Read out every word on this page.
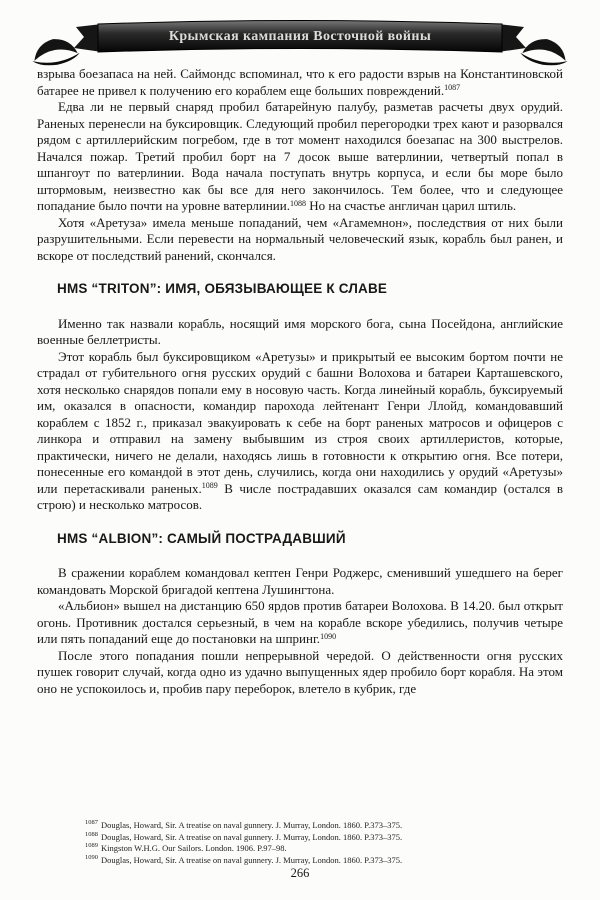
Крымская кампания Восточной войны

взрыва боезапаса на ней. Саймондс вспоминал, что к его радости взрыв на Константиновской батарее не привел к получению его кораблем еще больших повреждений.$^{1087}$

Едва ли не первый снаряд пробил батарейную палубу, разметав расчеты двух орудий. Раненых перенесли на буксировщик. Следующий пробил перегородки трех кают и разорвался рядом с артиллерийским погребом, где в тот момент находился боезапас на 300 выстрелов. Начался пожар. Третий пробил борт на 7 досок выше ватерлинии, четвертый попал в шпангоут по ватерлинии. Вода начала поступать внутрь корпуса, и если бы море было штормовым, неизвестно как бы все для него закончилось. Тем более, что и следующее попадание было почти на уровне ватерлинии.$^{1088}$ Но на счастье англичан царил штиль.

Хотя «Аретуза» имела меньше попаданий, чем «Агамемнон», последствия от них были разрушительными. Если перевести на нормальный человеческий язык, корабль был ранен, и вскоре от последствий ранений, скончался.

HMS “TRITON”: ИМЯ, ОБЯЗЫВАЮЩЕЕ К СЛАВЕ

Именно так назвали корабль, носящий имя морского бога, сына Посейдона, английские военные беллетристы.

Этот корабль был буксировщиком «Аретузы» и прикрытый ее высоким бортом почти не страдал от губительного огня русских орудий с башни Волохова и батареи Карташевского, хотя несколько снарядов попали ему в носовую часть. Когда линейный корабль, буксируемый им, оказался в опасности, командир парохода лейтенант Генри Ллойд, командовавший кораблем с 1852 г., приказал эвакуировать к себе на борт раненых матросов и офицеров с линкора и отправил на замену выбывшим из строя своих артиллеристов, которые, практически, ничего не делали, находясь лишь в готовности к открытию огня. Все потери, понесенные его командой в этот день, случились, когда они находились у орудий «Аретузы» или перетаскивали раненых.$^{1089}$ В числе пострадавших оказался сам командир (остался в строю) и несколько матросов.

HMS “ALBION”: САМЫЙ ПОСТРАДАВШИЙ

В сражении кораблем командовал кептен Генри Роджерс, сменивший ушедшего на берег командовать Морской бригадой кептена Лушингтона.

«Альбион» вышел на дистанцию 650 ярдов против батареи Волохова. В 14.20. был открыт огонь. Противник достался серьезный, в чем на корабле вскоре убедились, получив четыре или пять попаданий еще до постановки на шпринг.$^{1090}$

После этого попадания пошли непрерывной чередой. О действенности огня русских пушек говорит случай, когда одно из удачно выпущенных ядер пробило борт корабля. На этом оно не успокоилось и, пробив пару переборок, влетело в кубрик, где

$^{1087}$ Douglas, Howard, Sir. A treatise on naval gunnery. J. Murray, London. 1860. P.373–375.
$^{1088}$ Douglas, Howard, Sir. A treatise on naval gunnery. J. Murray, London. 1860. P.373–375.
$^{1089}$ Kingston W.H.G. Our Sailors. London. 1906. P.97–98.
$^{1090}$ Douglas, Howard, Sir. A treatise on naval gunnery. J. Murray, London. 1860. P.373–375.
266
